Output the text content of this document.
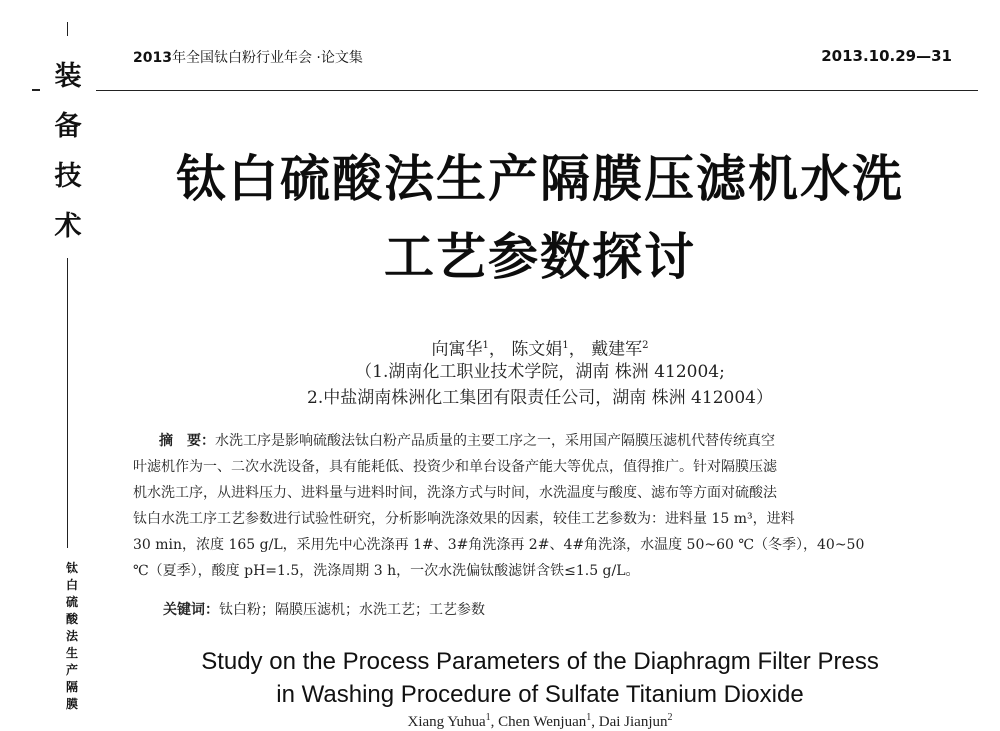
装
备
技
术
钛
白
硫
酸
法
生
产
隔
膜
2013年全国钛白粉行业年会 ·论文集	2013.10.29—31
钛白硫酸法生产隔膜压滤机水洗
工艺参数探讨
向寓华$^1$， 陈文娟$^1$， 戴建军$^2$
（1.湖南化工职业技术学院，湖南 株洲 412004;
2.中盐湖南株洲化工集团有限责任公司，湖南 株洲 412004）
摘　要：水洗工序是影响硫酸法钛白粉产品质量的主要工序之一，采用国产隔膜压滤机代替传统真空
叶滤机作为一、二次水洗设备，具有能耗低、投资少和单台设备产能大等优点，值得推广。针对隔膜压滤
机水洗工序，从进料压力、进料量与进料时间，洗涤方式与时间，水洗温度与酸度、滤布等方面对硫酸法
钛白水洗工序工艺参数进行试验性研究，分析影响洗涤效果的因素，较佳工艺参数为：进料量 15 m³，进料
30 min，浓度 165 g/L，采用先中心洗涤再 1#、3#角洗涤再 2#、4#角洗涤，水温度 50~60 ℃（冬季），40~50
℃（夏季），酸度 pH=1.5，洗涤周期 3 h，一次水洗偏钛酸滤饼含铁≤1.5 g/L。
关键词：钛白粉；隔膜压滤机；水洗工艺；工艺参数
Study on the Process Parameters of the Diaphragm Filter Press
in Washing Procedure of Sulfate Titanium Dioxide
Xiang Yuhua$^1$, Chen Wenjuan$^1$, Dai Jianjun$^2$
